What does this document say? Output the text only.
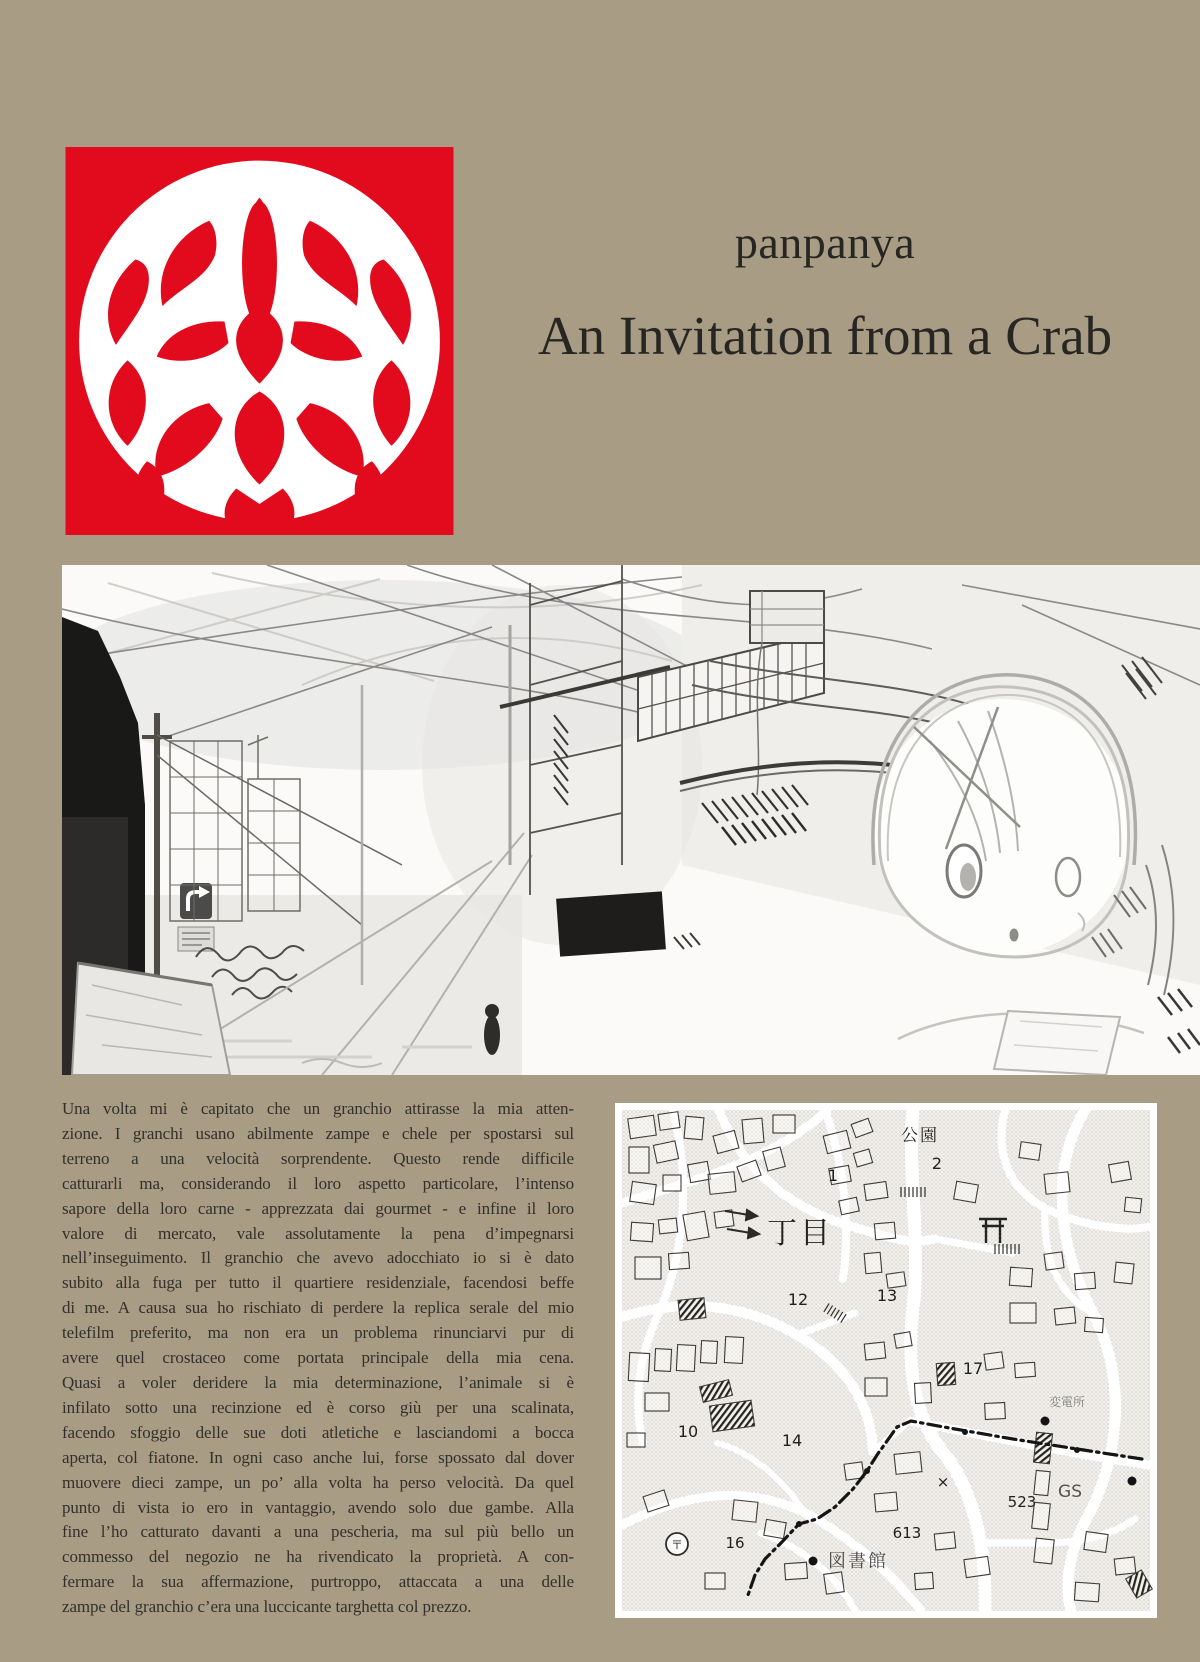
panpanya
An Invitation from a Crab
Una volta mi è capitato che un granchio attirasse la mia atten-
zione. I granchi usano abilmente zampe e chele per spostarsi sul
terreno a una velocità sorprendente. Questo rende difficile
catturarli ma, considerando il loro aspetto particolare, l’intenso
sapore della loro carne - apprezzata dai gourmet - e infine il loro
valore di mercato, vale assolutamente la pena d’impegnarsi
nell’inseguimento. Il granchio che avevo adocchiato io si è dato
subito alla fuga per tutto il quartiere residenziale, facendosi beffe
di me. A causa sua ho rischiato di perdere la replica serale del mio
telefilm preferito, ma non era un problema rinunciarvi pur di
avere quel crostaceo come portata principale della mia cena.
Quasi a voler deridere la mia determinazione, l’animale si è
infilato sotto una recinzione ed è corso giù per una scalinata,
facendo sfoggio delle sue doti atletiche e lasciandomi a bocca
aperta, col fiatone. In ogni caso anche lui, forse spossato dal dover
muovere dieci zampe, un po’ alla volta ha perso velocità. Da quel
punto di vista io ero in vantaggio, avendo solo due gambe. Alla
fine l’ho catturato davanti a una pescheria, ma sul più bello un
commesso del negozio ne ha rivendicato la proprietà. A con-
fermare la sua affermazione, purtroppo, attaccata a una delle
zampe del granchio c’era una luccicante targhetta col prezzo.
公園
2
1
丁目
13
12
17
10	14
×
変電所
523 GS
613
16
図書館
〒
